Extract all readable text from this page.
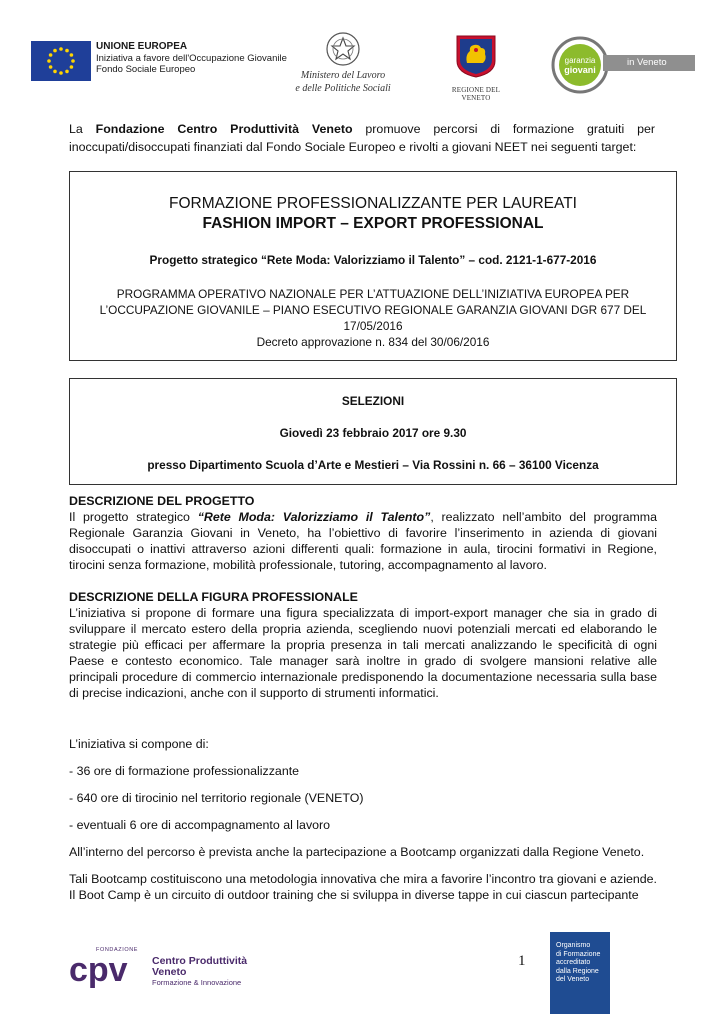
UNIONE EUROPEA
Iniziativa a favore dell'Occupazione Giovanile
Fondo Sociale Europeo
Ministero del Lavoro
e delle Politiche Sociali	REGIONE DEL VENETO
garanzia
giovani
in Veneto
La Fondazione Centro Produttività Veneto promuove percorsi di formazione gratuiti per inoccupati/disoccupati finanziati dal Fondo Sociale Europeo e rivolti a giovani NEET nei seguenti target:
FORMAZIONE PROFESSIONALIZZANTE PER LAUREATI
FASHION IMPORT – EXPORT PROFESSIONAL
Progetto strategico “Rete Moda: Valorizziamo il Talento” – cod. 2121-1-677-2016
PROGRAMMA OPERATIVO NAZIONALE PER L’ATTUAZIONE DELL’INIZIATIVA EUROPEA PER L’OCCUPAZIONE GIOVANILE – PIANO ESECUTIVO REGIONALE GARANZIA GIOVANI DGR 677 DEL 17/05/2016
Decreto approvazione n. 834 del 30/06/2016
SELEZIONI
Giovedì 23 febbraio 2017 ore 9.30
presso Dipartimento Scuola d’Arte e Mestieri – Via Rossini n. 66 – 36100 Vicenza
DESCRIZIONE DEL PROGETTO
Il progetto strategico “Rete Moda: Valorizziamo il Talento”, realizzato nell’ambito del programma Regionale Garanzia Giovani in Veneto, ha l’obiettivo di favorire l’inserimento in azienda di giovani disoccupati o inattivi attraverso azioni differenti quali: formazione in aula, tirocini formativi in Regione, tirocini senza formazione, mobilità professionale, tutoring, accompagnamento al lavoro.
DESCRIZIONE DELLA FIGURA PROFESSIONALE
L’iniziativa si propone di formare una figura specializzata di import-export manager che sia in grado di sviluppare il mercato estero della propria azienda, scegliendo nuovi potenziali mercati ed elaborando le strategie più efficaci per affermare la propria presenza in tali mercati analizzando le specificità di ogni Paese e contesto economico. Tale manager sarà inoltre in grado di svolgere mansioni relative alle principali procedure di commercio internazionale predisponendo la documentazione necessaria sulla base di precise indicazioni, anche con il supporto di strumenti informatici.
L’iniziativa si compone di:
- 36 ore di formazione professionalizzante
- 640 ore di tirocinio nel territorio regionale (VENETO)
- eventuali 6 ore di accompagnamento al lavoro
All’interno del percorso è prevista anche la partecipazione a Bootcamp organizzati dalla Regione Veneto.
Tali Bootcamp costituiscono una metodologia innovativa che mira a favorire l’incontro tra giovani e aziende. Il Boot Camp è un circuito di outdoor training che si sviluppa in diverse tappe in cui ciascun partecipante
FONDAZIONE
cpv Centro Produttività
Veneto
Formazione & Innovazione
1
Organismo
di Formazione
accreditato
dalla Regione
del Veneto
